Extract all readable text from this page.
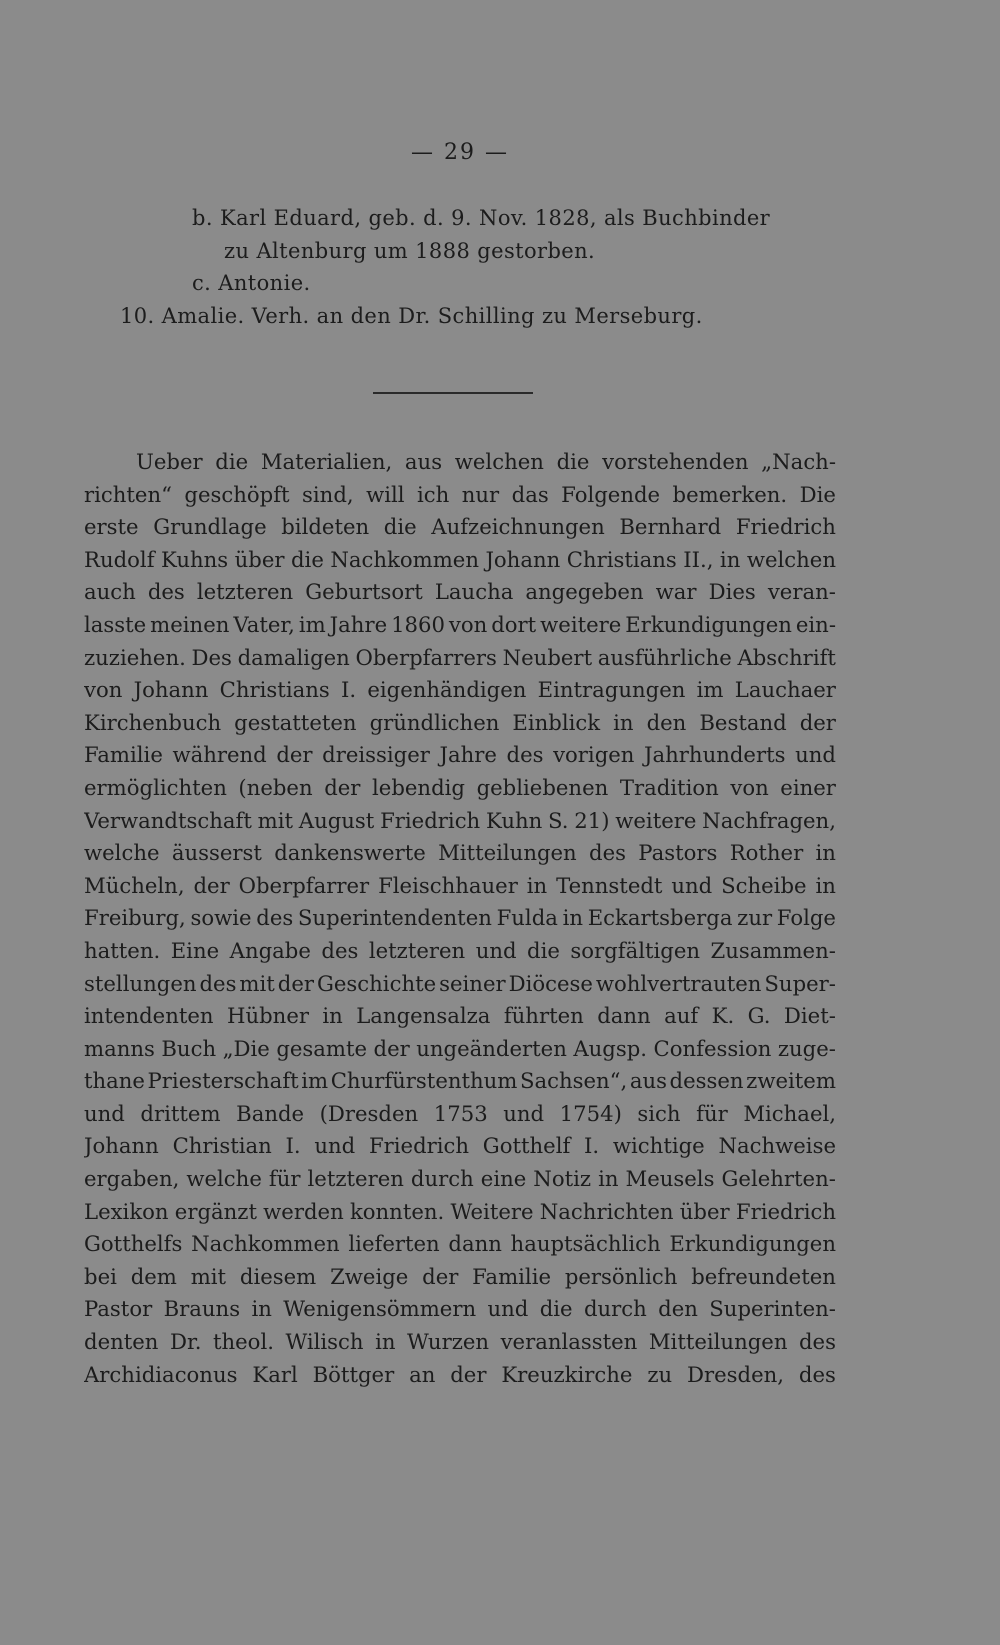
— 29 —
b. Karl Eduard, geb. d. 9. Nov. 1828, als Buchbinder
zu Altenburg um 1888 gestorben.
c. Antonie.
10. Amalie. Verh. an den Dr. Schilling zu Merseburg.
Ueber die Materialien, aus welchen die vorstehenden „Nach-
richten“ geschöpft sind, will ich nur das Folgende bemerken. Die
erste Grundlage bildeten die Aufzeichnungen Bernhard Friedrich
Rudolf Kuhns über die Nachkommen Johann Christians II., in welchen
auch des letzteren Geburtsort Laucha angegeben war Dies veran-
lasste meinen Vater, im Jahre 1860 von dort weitere Erkundigungen ein-
zuziehen. Des damaligen Oberpfarrers Neubert ausführliche Abschrift
von Johann Christians I. eigenhändigen Eintragungen im Lauchaer
Kirchenbuch gestatteten gründlichen Einblick in den Bestand der
Familie während der dreissiger Jahre des vorigen Jahrhunderts und
ermöglichten (neben der lebendig gebliebenen Tradition von einer
Verwandtschaft mit August Friedrich Kuhn S. 21) weitere Nachfragen,
welche äusserst dankenswerte Mitteilungen des Pastors Rother in
Mücheln, der Oberpfarrer Fleischhauer in Tennstedt und Scheibe in
Freiburg, sowie des Superintendenten Fulda in Eckartsberga zur Folge
hatten. Eine Angabe des letzteren und die sorgfältigen Zusammen-
stellungen des mit der Geschichte seiner Diöcese wohlvertrauten Super-
intendenten Hübner in Langensalza führten dann auf K. G. Diet-
manns Buch „Die gesamte der ungeänderten Augsp. Confession zuge-
thane Priesterschaft im Churfürstenthum Sachsen“, aus dessen zweitem
und drittem Bande (Dresden 1753 und 1754) sich für Michael,
Johann Christian I. und Friedrich Gotthelf I. wichtige Nachweise
ergaben, welche für letzteren durch eine Notiz in Meusels Gelehrten-
Lexikon ergänzt werden konnten. Weitere Nachrichten über Friedrich
Gotthelfs Nachkommen lieferten dann hauptsächlich Erkundigungen
bei dem mit diesem Zweige der Familie persönlich befreundeten
Pastor Brauns in Wenigensömmern und die durch den Superinten-
denten Dr. theol. Wilisch in Wurzen veranlassten Mitteilungen des
Archidiaconus Karl Böttger an der Kreuzkirche zu Dresden, des
